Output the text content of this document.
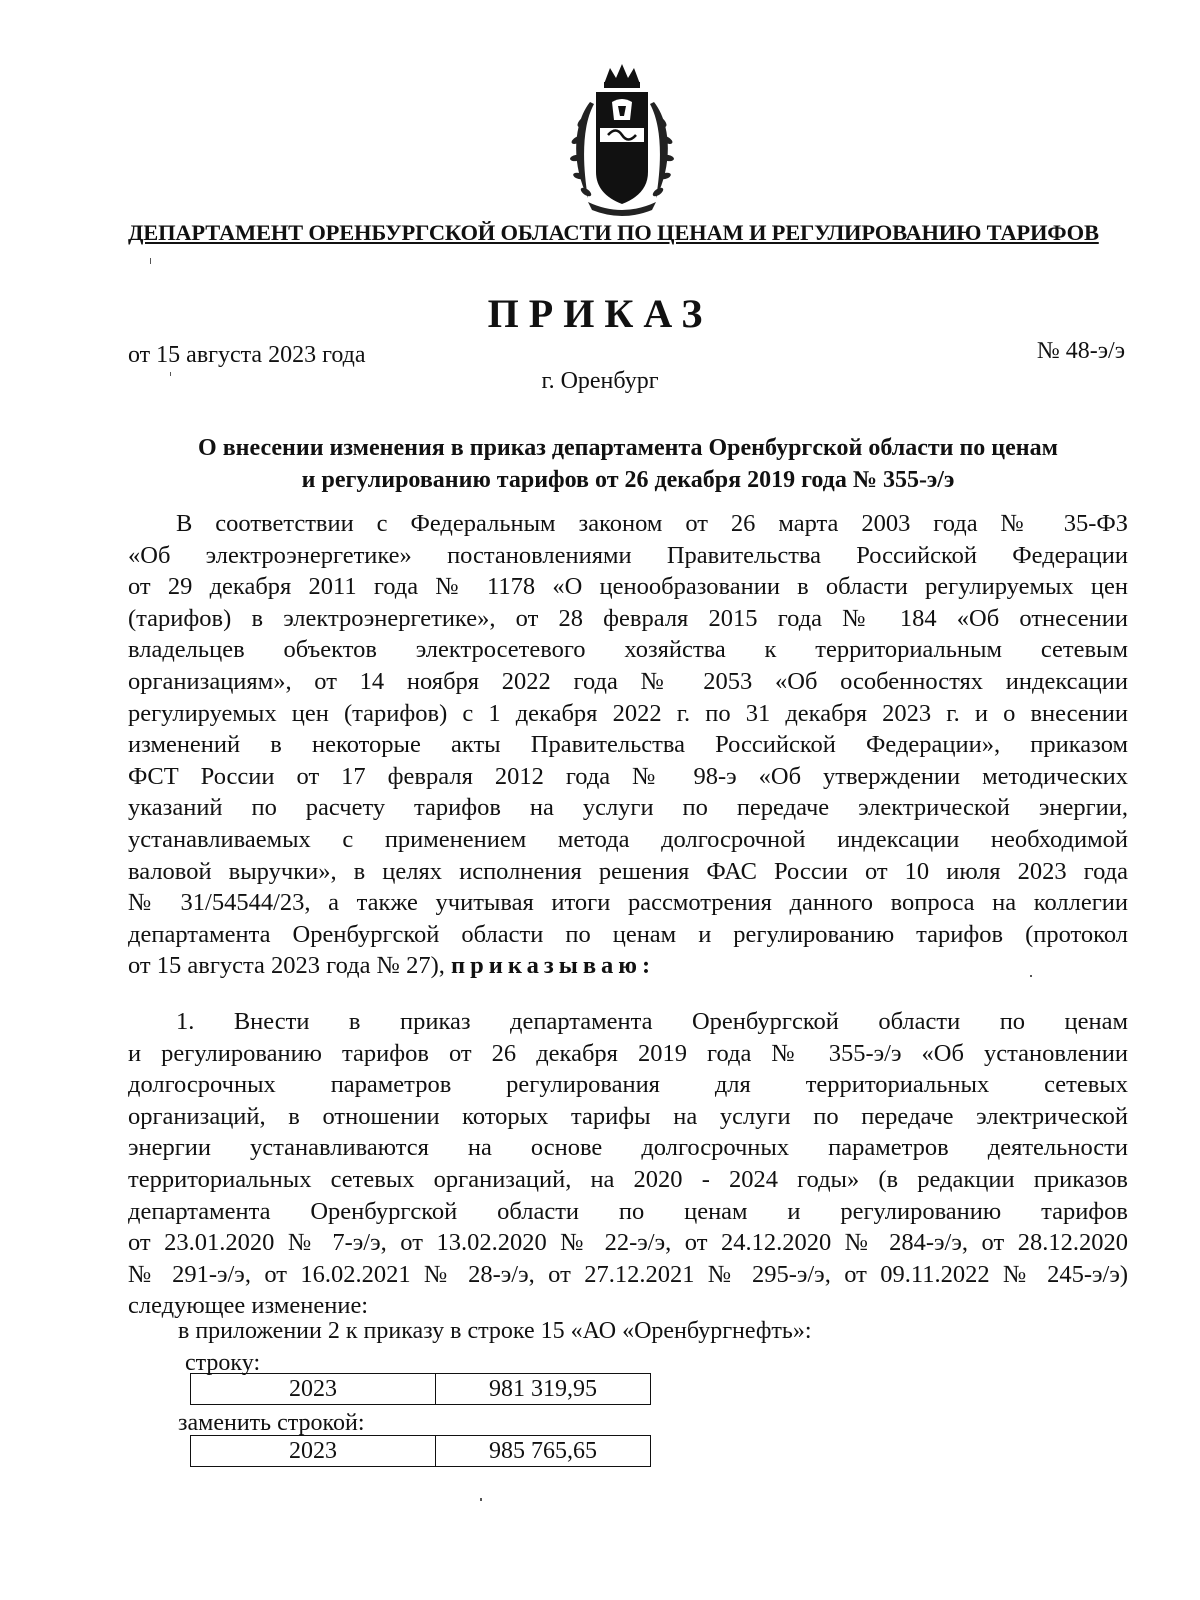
ДЕПАРТАМЕНТ ОРЕНБУРГСКОЙ ОБЛАСТИ ПО ЦЕНАМ И РЕГУЛИРОВАНИЮ ТАРИФОВ
ПРИКАЗ
от 15 августа 2023 года	№ 48-э/э
г. Оренбург
О внесении изменения в приказ департамента Оренбургской области по ценам
и регулированию тарифов от 26 декабря 2019 года № 355-э/э
В соответствии с Федеральным законом от 26 марта 2003 года № 35-ФЗ
«Об электроэнергетике» постановлениями Правительства Российской Федерации
от 29 декабря 2011 года № 1178 «О ценообразовании в области регулируемых цен
(тарифов) в электроэнергетике», от 28 февраля 2015 года № 184 «Об отнесении
владельцев объектов электросетевого хозяйства к территориальным сетевым
организациям», от 14 ноября 2022 года № 2053 «Об особенностях индексации
регулируемых цен (тарифов) с 1 декабря 2022 г. по 31 декабря 2023 г. и о внесении
изменений в некоторые акты Правительства Российской Федерации», приказом
ФСТ России от 17 февраля 2012 года № 98-э «Об утверждении методических
указаний по расчету тарифов на услуги по передаче электрической энергии,
устанавливаемых с применением метода долгосрочной индексации необходимой
валовой выручки», в целях исполнения решения ФАС России от 10 июля 2023 года
№ 31/54544/23, а также учитывая итоги рассмотрения данного вопроса на коллегии
департамента Оренбургской области по ценам и регулированию тарифов (протокол
от 15 августа 2023 года № 27), приказываю:
1. Внести в приказ департамента Оренбургской области по ценам
и регулированию тарифов от 26 декабря 2019 года № 355-э/э «Об установлении
долгосрочных параметров регулирования для территориальных сетевых
организаций, в отношении которых тарифы на услуги по передаче электрической
энергии устанавливаются на основе долгосрочных параметров деятельности
территориальных сетевых организаций, на 2020 - 2024 годы» (в редакции приказов
департамента Оренбургской области по ценам и регулированию тарифов
от 23.01.2020 № 7-э/э, от 13.02.2020 № 22-э/э, от 24.12.2020 № 284-э/э, от 28.12.2020
№ 291-э/э, от 16.02.2021 № 28-э/э, от 27.12.2021 № 295-э/э, от 09.11.2022 № 245-э/э)
следующее изменение:
в приложении 2 к приказу в строке 15 «АО «Оренбургнефть»:
строку:
2023	981 319,95
заменить строкой:
2023	985 765,65
